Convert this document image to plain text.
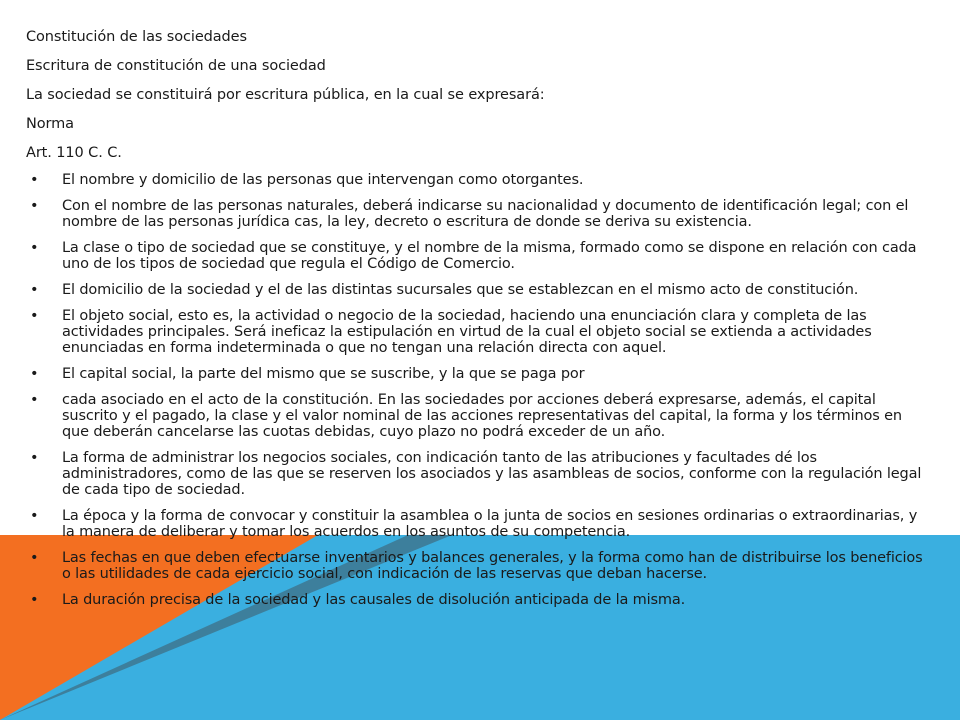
Constitución de las sociedades
Escritura de constitución de una sociedad
La sociedad se constituirá por escritura pública, en la cual se expresará:
Norma
Art. 110 C. C.
• El nombre y domicilio de las personas que intervengan como otorgantes.
• Con el nombre de las personas naturales, deberá indicarse su nacionalidad y documento de identificación legal; con el nombre de las personas jurídica cas, la ley, decreto o escritura de donde se deriva su existencia.
• La clase o tipo de sociedad que se constituye, y el nombre de la misma, formado como se dispone en relación con cada uno de los tipos de sociedad que regula el Código de Comercio.
• El domicilio de la sociedad y el de las distintas sucursales que se establezcan en el mismo acto de constitución.
• El objeto social, esto es, la actividad o negocio de la sociedad, haciendo una enunciación clara y completa de las actividades principales. Será ineficaz la estipulación en virtud de la cual el objeto social se extienda a actividades enunciadas en forma indeterminada o que no tengan una relación directa con aquel.
• El capital social, la parte del mismo que se suscribe, y la que se paga por
• cada asociado en el acto de la constitución. En las sociedades por acciones deberá expresarse, además, el capital suscrito y el pagado, la clase y el valor nominal de las acciones representativas del capital, la forma y los términos en que deberán cancelarse las cuotas debidas, cuyo plazo no podrá exceder de un año.
• La forma de administrar los negocios sociales, con indicación tanto de las atribuciones y facultades dé los administradores, como de las que se reserven los asociados y las asambleas de socios, conforme con la regulación legal de cada tipo de sociedad.
• La época y la forma de convocar y constituir la asamblea o la junta de socios en sesiones ordinarias o extraordinarias, y la manera de deliberar y tomar los acuerdos en los asuntos de su competencia.
• Las fechas en que deben efectuarse inventarios y balances generales, y la forma como han de distribuirse los beneficios o las utilidades de cada ejercicio social, con indicación de las reservas que deban hacerse.
• La duración precisa de la sociedad y las causales de disolución anticipada de la misma.
